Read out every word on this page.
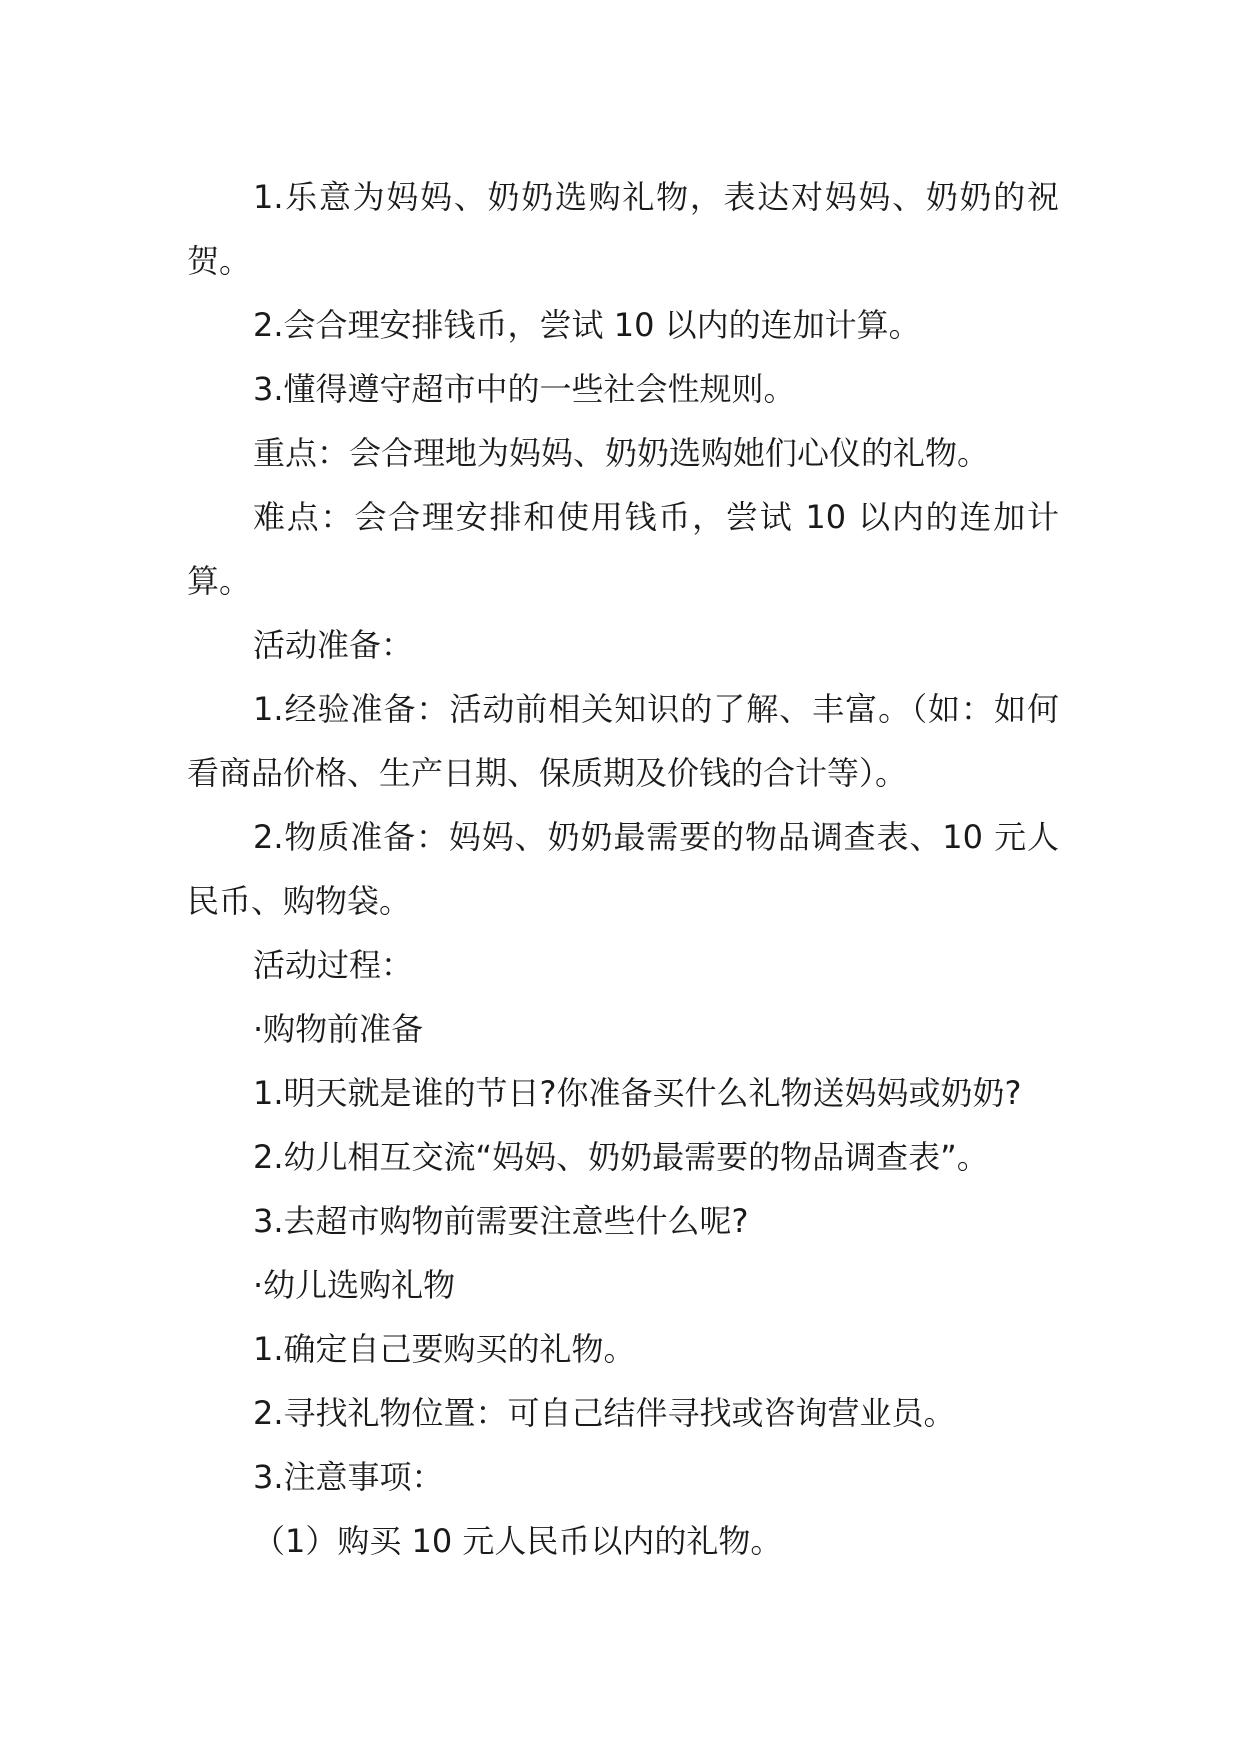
1.乐意为妈妈、奶奶选购礼物，表达对妈妈、奶奶的祝贺。

2.会合理安排钱币，尝试 10 以内的连加计算。

3.懂得遵守超市中的一些社会性规则。

重点：会合理地为妈妈、奶奶选购她们心仪的礼物。

难点：会合理安排和使用钱币，尝试 10 以内的连加计算。

活动准备：

1.经验准备：活动前相关知识的了解、丰富。（如：如何看商品价格、生产日期、保质期及价钱的合计等）。

2.物质准备：妈妈、奶奶最需要的物品调查表、10 元人民币、购物袋。

活动过程：

·购物前准备

1.明天就是谁的节日?你准备买什么礼物送妈妈或奶奶?

2.幼儿相互交流“妈妈、奶奶最需要的物品调查表”。

3.去超市购物前需要注意些什么呢?

·幼儿选购礼物

1.确定自己要购买的礼物。

2.寻找礼物位置：可自己结伴寻找或咨询营业员。

3.注意事项：

（1）购买 10 元人民币以内的礼物。
